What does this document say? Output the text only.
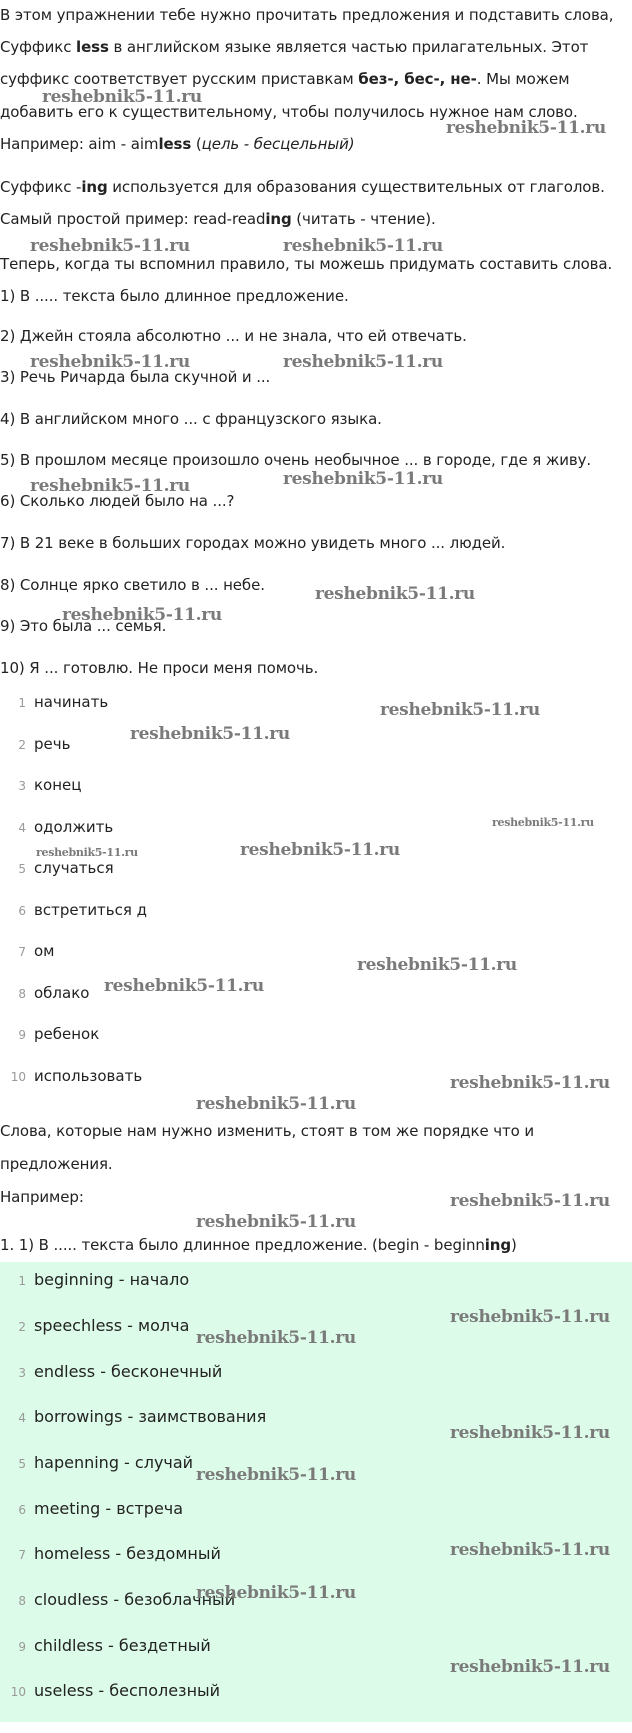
В этом упражнении тебе нужно прочитать предложения и подставить слова,
Суффикс less в английском языке является частью прилагательных. Этот
суффикс соответствует русским приставкам без-, бес-, не-. Мы можем
добавить его к существительному, чтобы получилось нужное нам слово.
Например: aim - aimless (цель - бесцельный)
Суффикс -ing используется для образования существительных от глаголов.
Самый простой пример: read-reading (читать - чтение).
Теперь, когда ты вспомнил правило, ты можешь придумать составить слова.
1) В ..... текста было длинное предложение.
2) Джейн стояла абсолютно ... и не знала, что ей отвечать.
3) Речь Ричарда была скучной и ...
4) В английском много ... с французского языка.
5) В прошлом месяце произошло очень необычное ... в городе, где я живу.
6) Сколько людей было на ...?
7) В 21 веке в больших городах можно увидеть много ... людей.
8) Солнце ярко светило в ... небе.
9) Это была ... семья.
10) Я ... готовлю. Не проси меня помочь.
1 начинать
2 речь
3 конец
4 одолжить
5 случаться
6 встретиться д
7 ом
8 облако
9 ребенок
10 использовать
Слова, которые нам нужно изменить, стоят в том же порядке что и
предложения.
Например:
1. 1) В ..... текста было длинное предложение. (begin - beginning)
1 beginning - начало
2 speechless - молча
3 endless - бесконечный
4 borrowings - заимствования
5 hapenning - случай
6 meeting - встреча
7 homeless - бездомный
8 cloudless - безоблачный
9 childless - бездетный
10 useless - бесполезный
reshebnik5-11.ru
reshebnik5-11.ru
reshebnik5-11.ru	reshebnik5-11.ru
reshebnik5-11.ru	reshebnik5-11.ru
reshebnik5-11.ru	reshebnik5-11.ru
reshebnik5-11.ru
reshebnik5-11.ru
reshebnik5-11.ru
reshebnik5-11.ru
reshebnik5-11.ru
reshebnik5-11.ru	reshebnik5-11.ru
reshebnik5-11.ru
reshebnik5-11.ru
reshebnik5-11.ru
reshebnik5-11.ru
reshebnik5-11.ru
reshebnik5-11.ru
reshebnik5-11.ru
reshebnik5-11.ru
reshebnik5-11.ru
reshebnik5-11.ru
reshebnik5-11.ru
reshebnik5-11.ru
reshebnik5-11.ru
